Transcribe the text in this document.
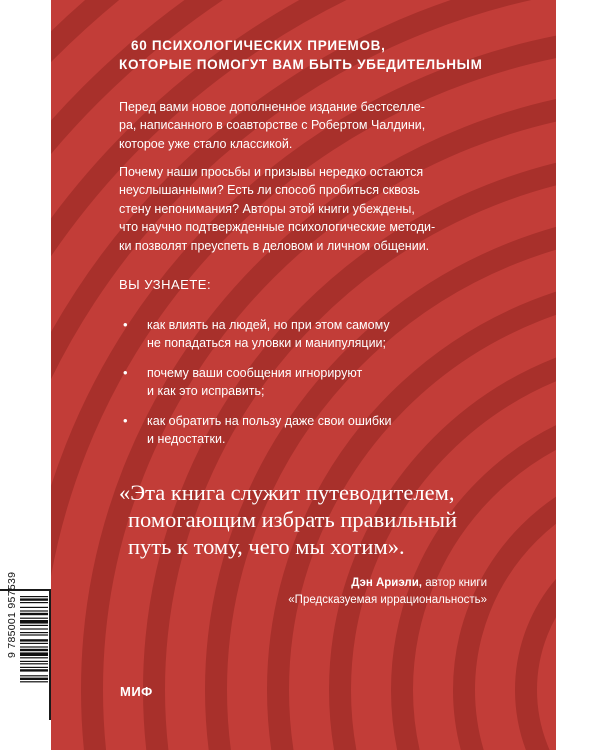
60 ПСИХОЛОГИЧЕСКИХ ПРИЕМОВ,
КОТОРЫЕ ПОМОГУТ ВАМ БЫТЬ УБЕДИТЕЛЬНЫМ
Перед вами новое дополненное издание бестселле-
ра, написанного в соавторстве с Робертом Чалдини,
которое уже стало классикой.
Почему наши просьбы и призывы нередко остаются
неуслышанными? Есть ли способ пробиться сквозь
стену непонимания? Авторы этой книги убеждены,
что научно подтвержденные психологические методи-
ки позволят преуспеть в деловом и личном общении.
ВЫ УЗНАЕТЕ:
• как влиять на людей, но при этом самому
не попадаться на уловки и манипуляции;
• почему ваши сообщения игнорируют
и как это исправить;
• как обратить на пользу даже свои ошибки
и недостатки.
«Эта книга служит путеводителем,
помогающим избрать правильный
путь к тому, чего мы хотим».
Дэн Ариэли, автор книги
«Предсказуемая иррациональность»
МИФ
9 785001 957539
